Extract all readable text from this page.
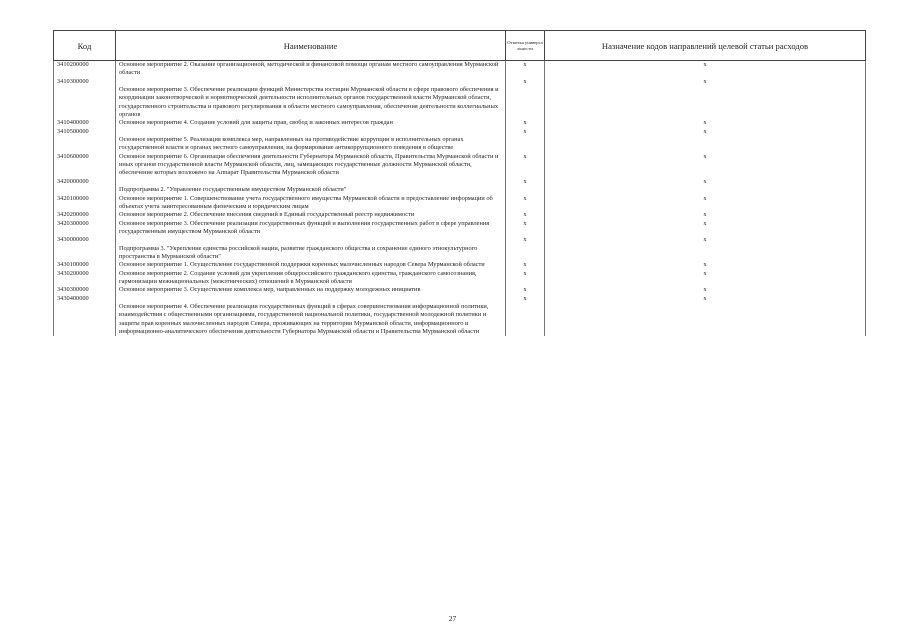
Код	Наименование	Отметка универсальности	Назначение кодов направлений целевой статьи расходов
3410200000	Основное мероприятие 2. Оказание организационной, методической и финансовой помощи органам местного самоуправления Мурманской области	x	x
3410300000	Основное мероприятие 3. Обеспечение реализации функций Министерства юстиции Мурманской области в сфере правового обеспечения и координации законотворческой и нормотворческой деятельности исполнительных органов государственной власти Мурманской области, государственного строительства и правового регулирования в области местного самоуправления, обеспечения деятельности коллегиальных органов	x	x
3410400000	Основное мероприятие 4. Создание условий для защиты прав, свобод и законных интересов граждан	x	x
3410500000	Основное мероприятие 5. Реализация комплекса мер, направленных на противодействие коррупции в исполнительных органах государственной власти и органах местного самоуправления, на формирование антикоррупционного поведения в обществе	x	x
3410600000	Основное мероприятие 6. Организация обеспечения деятельности Губернатора Мурманской области, Правительства Мурманской области и иных органов государственной власти Мурманской области, лиц, замещающих государственные должности Мурманской области, обеспечение которых возложено на Аппарат Правительства Мурманской области	x	x
3420000000	Подпрограмма 2. "Управление государственным имуществом Мурманской области"	x	x
3420100000	Основное мероприятие 1. Совершенствование учета государственного имущества Мурманской области и предоставление информации об объектах учета заинтересованным физическим и юридическим лицам	x	x
3420200000	Основное мероприятие 2. Обеспечение внесения сведений в Единый государственный реестр недвижимости	x	x
3420300000	Основное мероприятие 3. Обеспечение реализации государственных функций и выполнения государственных работ в сфере управления государственным имуществом Мурманской области	x	x
3430000000	Подпрограмма 3. "Укрепление единства российской нации, развитие гражданского общества и сохранение единого этнокультурного пространства в Мурманской области"	x	x
3430100000	Основное мероприятие 1. Осуществление государственной поддержки коренных малочисленных народов Севера Мурманской области	x	x
3430200000	Основное мероприятие 2. Создание условий для укрепления общероссийского гражданского единства, гражданского самосознания, гармонизации межнациональных (межэтнических) отношений в Мурманской области	x	x
3430300000	Основное мероприятие 3. Осуществление комплекса мер, направленных на поддержку молодежных инициатив	x	x
3430400000	Основное мероприятие 4. Обеспечение реализации государственных функций в сферах совершенствования информационной политики, взаимодействия с общественными организациями, государственной национальной политики, государственной молодежной политики и защиты прав коренных малочисленных народов Севера, проживающих на территории Мурманской области, информационного и информационно-аналитического обеспечения деятельности Губернатора Мурманской области и Правительства Мурманской области	x	x
27
